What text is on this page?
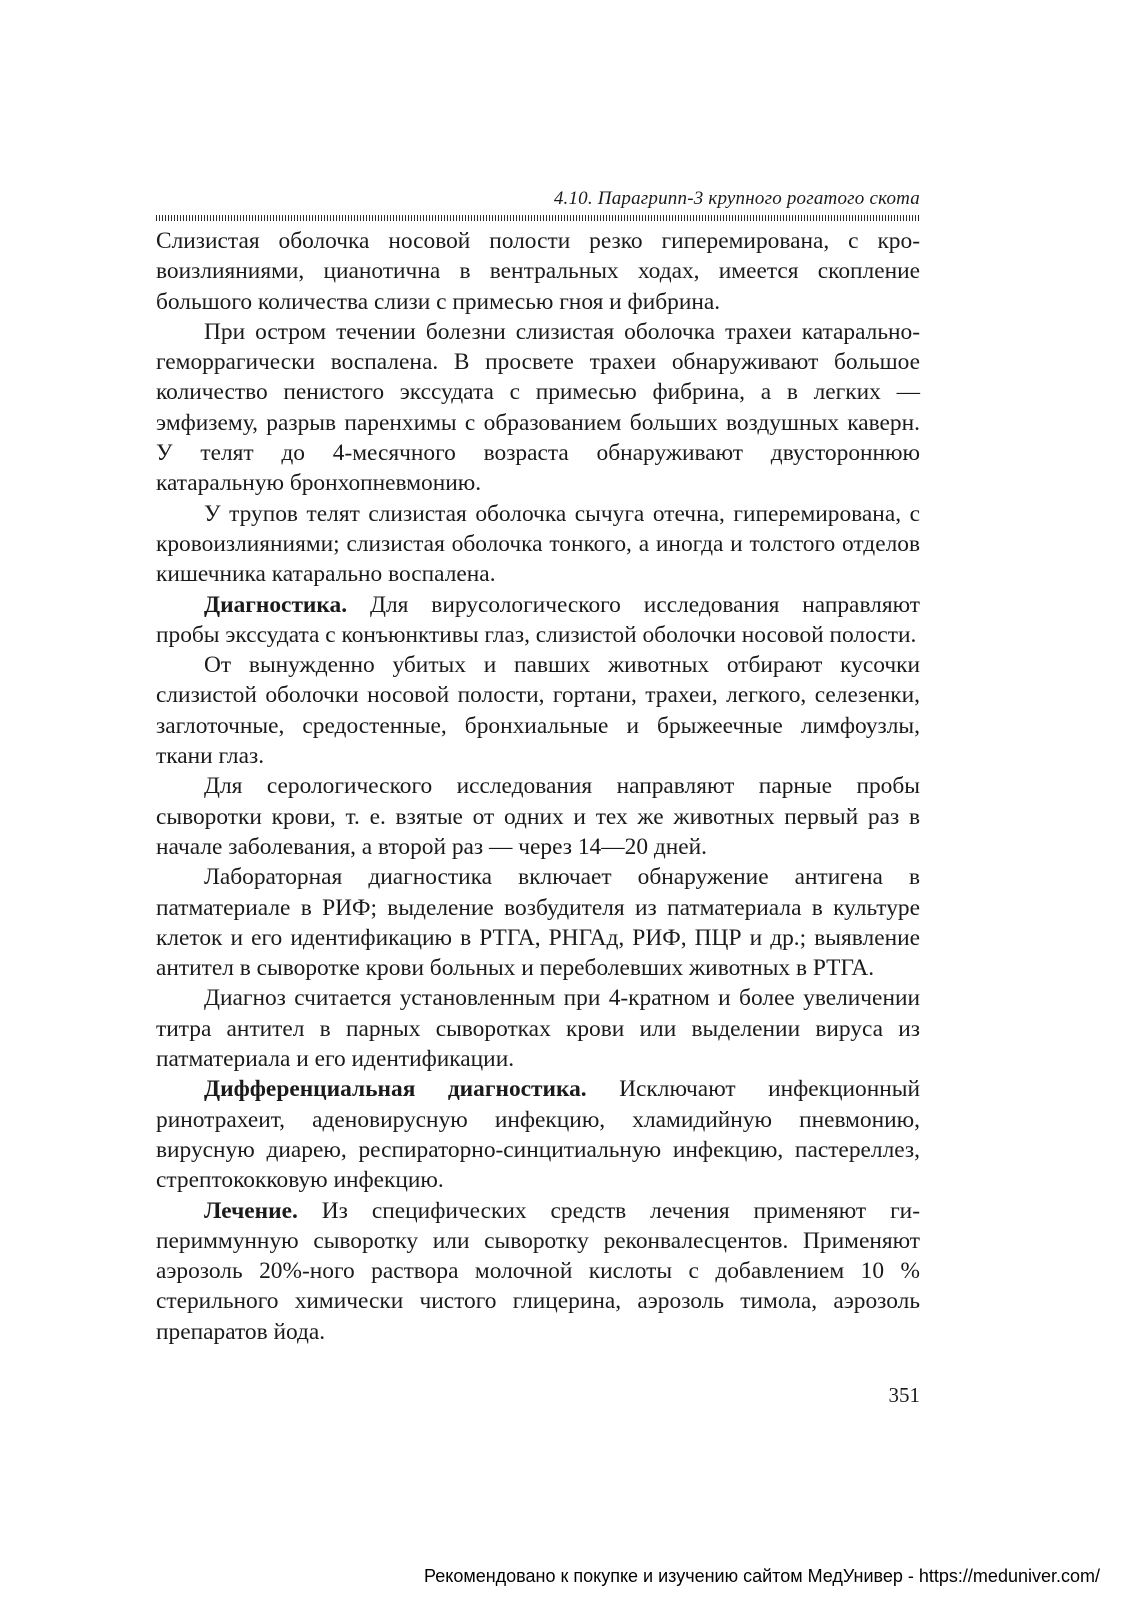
4.10. Парагрипп-3 крупного рогатого скота

Слизистая оболочка носовой полости резко гиперемирована, с кровоизлияниями, цианотична в вентральных ходах, имеется скопление большого количества слизи с примесью гноя и фибрина.

При остром течении болезни слизистая оболочка трахеи катарально-геморрагически воспалена. В просвете трахеи обнаруживают большое количество пенистого экссудата с примесью фибрина, а в легких — эмфизему, разрыв паренхимы с образованием больших воздушных каверн. У телят до 4-месячного возраста обнаруживают двустороннюю катаральную бронхопневмонию.

У трупов телят слизистая оболочка сычуга отечна, гиперемирована, с кровоизлияниями; слизистая оболочка тонкого, а иногда и толстого отделов кишечника катарально воспалена.

Диагностика. Для вирусологического исследования направляют пробы экссудата с конъюнктивы глаз, слизистой оболочки носовой полости.

От вынужденно убитых и павших животных отбирают кусочки слизистой оболочки носовой полости, гортани, трахеи, легкого, селезенки, заглоточные, средостенные, бронхиальные и брыжеечные лимфоузлы, ткани глаз.

Для серологического исследования направляют парные пробы сыворотки крови, т. е. взятые от одних и тех же животных первый раз в начале заболевания, а второй раз — через 14—20 дней.

Лабораторная диагностика включает обнаружение антигена в патматериале в РИФ; выделение возбудителя из патматериала в культуре клеток и его идентификацию в РТГА, РНГАд, РИФ, ПЦР и др.; выявление антител в сыворотке крови больных и переболевших животных в РТГА.

Диагноз считается установленным при 4-кратном и более увеличении титра антител в парных сыворотках крови или выделении вируса из патматериала и его идентификации.

Дифференциальная диагностика. Исключают инфекционный ринотрахеит, аденовирусную инфекцию, хламидийную пневмонию, вирусную диарею, респираторно-синцитиальную инфекцию, пастереллез, стрептококковую инфекцию.

Лечение. Из специфических средств лечения применяют гипериммунную сыворотку или сыворотку реконвалесцентов. Применяют аэрозоль 20%-ного раствора молочной кислоты с добавлением 10 % стерильного химически чистого глицерина, аэрозоль тимола, аэрозоль препаратов йода.

351
Рекомендовано к покупке и изучению сайтом МедУнивер - https://meduniver.com/
